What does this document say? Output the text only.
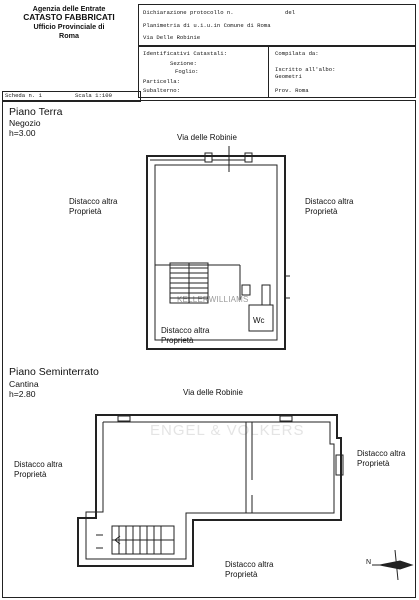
Agenzia delle Entrate
CATASTO FABBRICATI
Ufficio Provinciale di
Roma
Dichiarazione protocollo n.	del
Planimetria di u.i.u.in Comune di Roma
Via Delle Robinie
Identificativi Catastali:
Sezione:
Foglio:
Particella:
Subalterno:
Compilata da:
Iscritto all'albo:
Geometri
Prov. Roma
Scheda n. 1	Scala 1:100
Piano Terra
Negozio
h=3.00	Via delle Robinie
Distacco altra
Proprietà
Distacco altra
Proprietà
Distacco altra
Proprietà
Wc
KELLERWILLIAMS
Piano Seminterrato
Cantina
h=2.80	Via delle Robinie
Distacco altra
Proprietà
Distacco altra
Proprietà
Distacco altra
Proprietà
N
ENGEL & VOLKERS
